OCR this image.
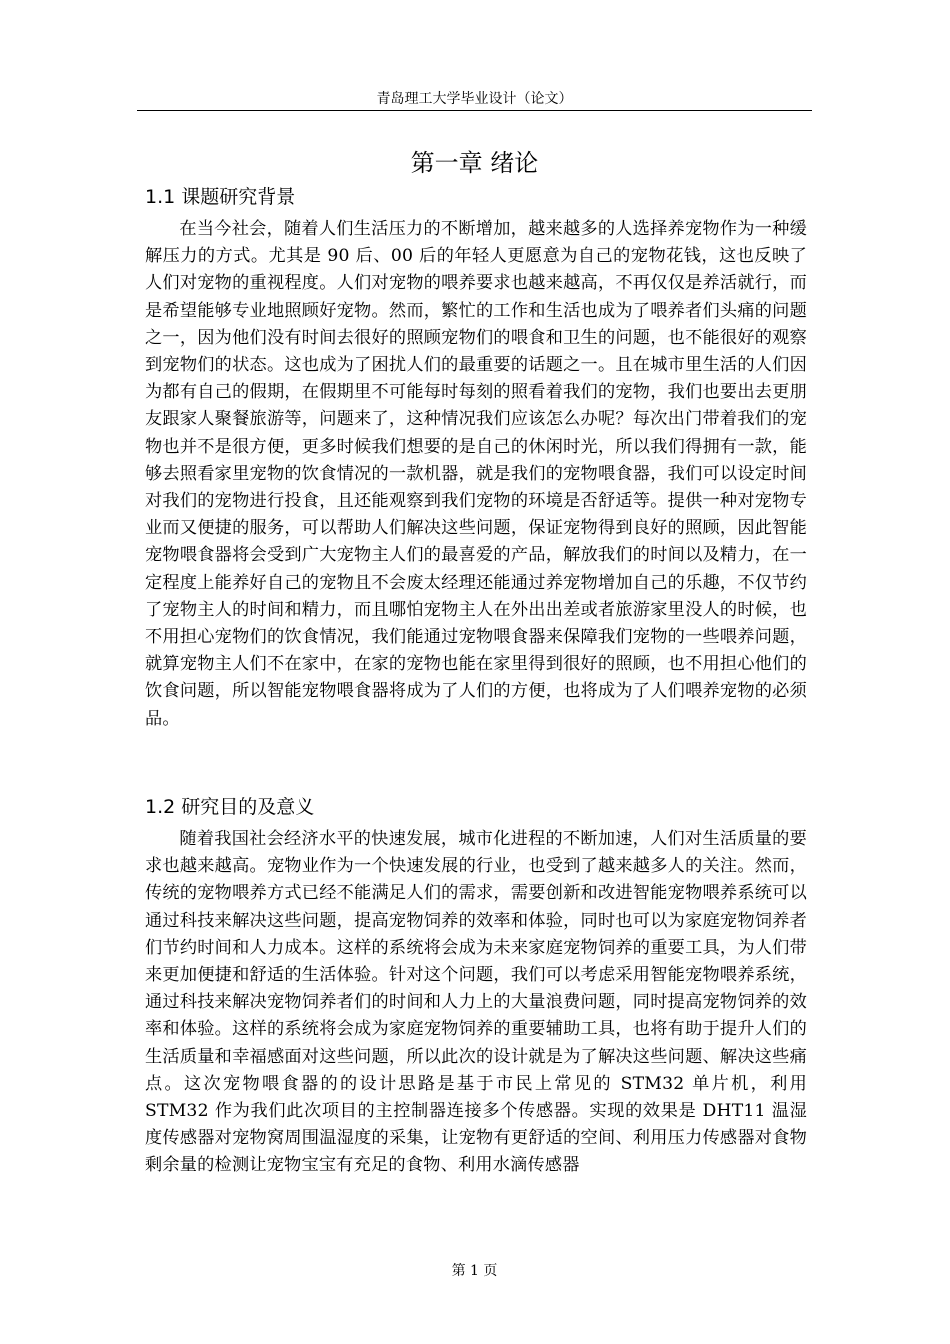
青岛理工大学毕业设计（论文）
第一章 绪论
1.1 课题研究背景

在当今社会，随着人们生活压力的不断增加，越来越多的人选择养宠物作为一种缓解压力的方式。尤其是 90 后、00 后的年轻人更愿意为自己的宠物花钱，这也反映了人们对宠物的重视程度。人们对宠物的喂养要求也越来越高，不再仅仅是养活就行，而是希望能够专业地照顾好宠物。然而，繁忙的工作和生活也成为了喂养者们头痛的问题之一，因为他们没有时间去很好的照顾宠物们的喂食和卫生的问题，也不能很好的观察到宠物们的状态。这也成为了困扰人们的最重要的话题之一。且在城市里生活的人们因为都有自己的假期，在假期里不可能每时每刻的照看着我们的宠物，我们也要出去更朋友跟家人聚餐旅游等，问题来了，这种情况我们应该怎么办呢？每次出门带着我们的宠物也并不是很方便，更多时候我们想要的是自己的休闲时光，所以我们得拥有一款，能够去照看家里宠物的饮食情况的一款机器，就是我们的宠物喂食器，我们可以设定时间对我们的宠物进行投食，且还能观察到我们宠物的环境是否舒适等。提供一种对宠物专业而又便捷的服务，可以帮助人们解决这些问题，保证宠物得到良好的照顾，因此智能宠物喂食器将会受到广大宠物主人们的最喜爱的产品，解放我们的时间以及精力，在一定程度上能养好自己的宠物且不会废太经理还能通过养宠物增加自己的乐趣，不仅节约了宠物主人的时间和精力，而且哪怕宠物主人在外出出差或者旅游家里没人的时候，也不用担心宠物们的饮食情况，我们能通过宠物喂食器来保障我们宠物的一些喂养问题，就算宠物主人们不在家中，在家的宠物也能在家里得到很好的照顾，也不用担心他们的饮食问题，所以智能宠物喂食器将成为了人们的方便，也将成为了人们喂养宠物的必须品。

1.2 研究目的及意义

随着我国社会经济水平的快速发展，城市化进程的不断加速，人们对生活质量的要求也越来越高。宠物业作为一个快速发展的行业，也受到了越来越多人的关注。然而，传统的宠物喂养方式已经不能满足人们的需求，需要创新和改进智能宠物喂养系统可以通过科技来解决这些问题，提高宠物饲养的效率和体验，同时也可以为家庭宠物饲养者们节约时间和人力成本。这样的系统将会成为未来家庭宠物饲养的重要工具，为人们带来更加便捷和舒适的生活体验。针对这个问题，我们可以考虑采用智能宠物喂养系统，通过科技来解决宠物饲养者们的时间和人力上的大量浪费问题，同时提高宠物饲养的效率和体验。这样的系统将会成为家庭宠物饲养的重要辅助工具，也将有助于提升人们的生活质量和幸福感面对这些问题，所以此次的设计就是为了解决这些问题、解决这些痛点。这次宠物喂食器的的设计思路是基于市民上常见的 STM32 单片机，利用 STM32 作为我们此次项目的主控制器连接多个传感器。实现的效果是 DHT11 温湿度传感器对宠物窝周围温湿度的采集，让宠物有更舒适的空间、利用压力传感器对食物剩余量的检测让宠物宝宝有充足的食物、利用水滴传感器

第 1 页
